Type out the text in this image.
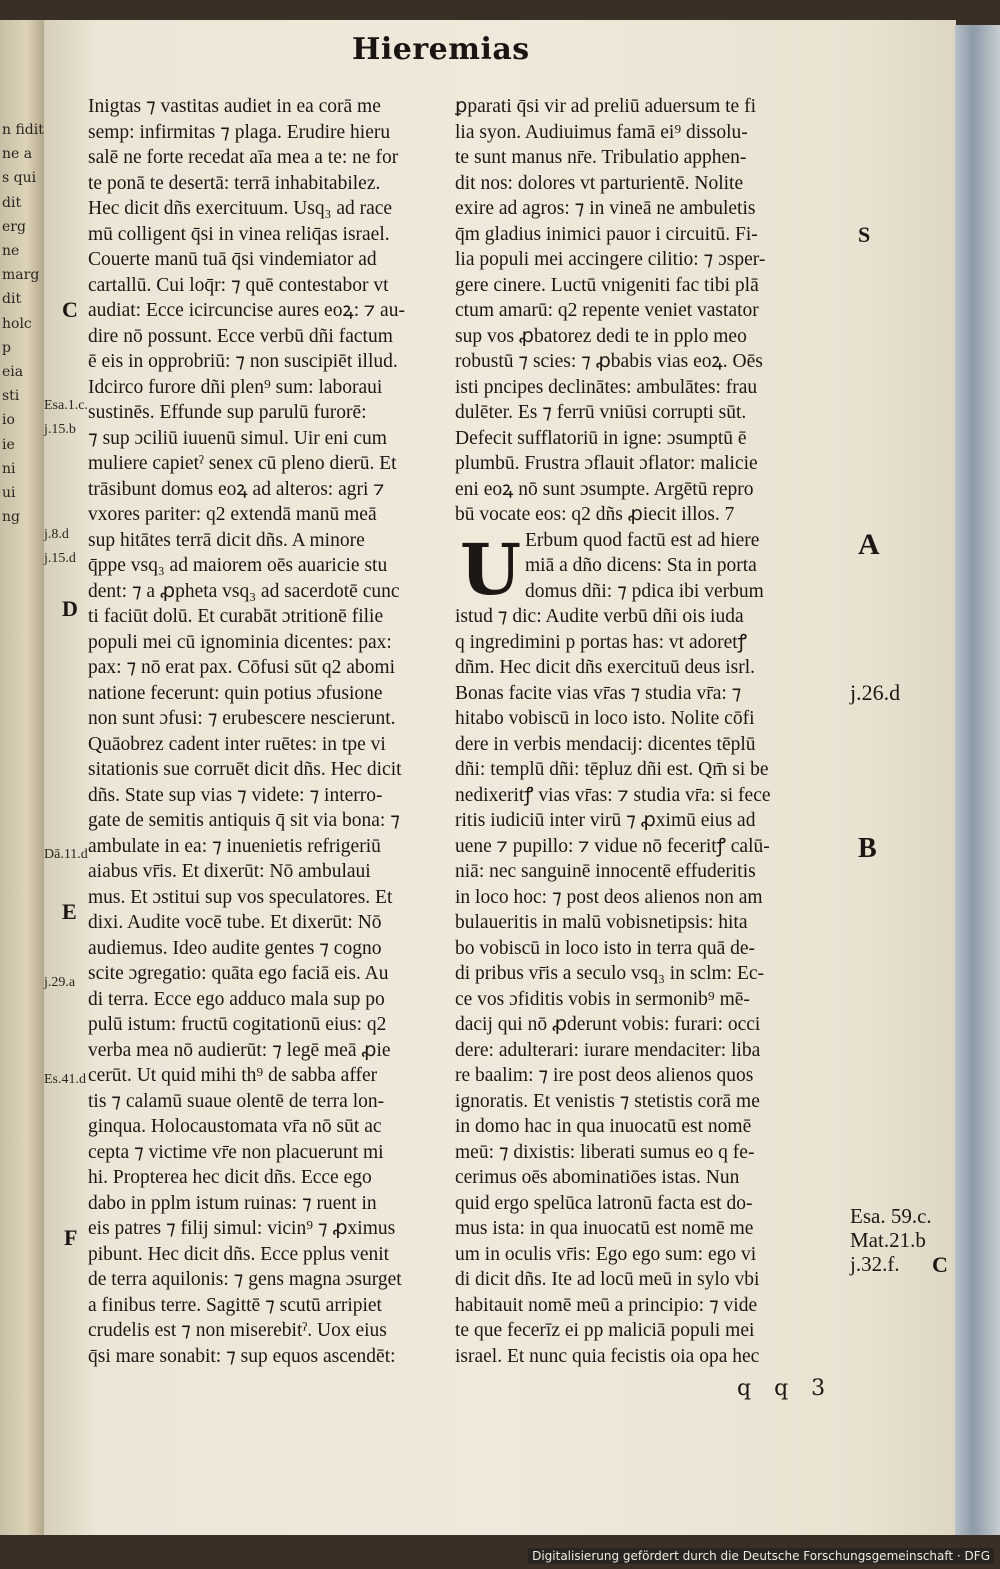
n fidit
ne a
s qui
dit
erg
ne
marg
dit
holc
p
eia
sti
io
ie
ni
ui
ng
Hieremias
Inigtas ⁊ vastitas audiet in ea corā me
semp: infirmitas ⁊ plaga. Erudire hieru
salē ne forte recedat aīa mea a te: ne for
te ponā te desertā: terrā inhabitabilez.
Hec dicit dñs exercituum. Usq₃ ad race
mū colligent q̄si in vinea reliq̄as israel.
Couerte manū tuā q̄si vindemiator ad
cartallū. Cui loq̄r: ⁊ quē contestabor vt
audiat: Ecce icircuncise aures eoꝝ: ⁊ au-
dire nō possunt. Ecce verbū dñi factum
ē eis in opprobriū: ⁊ non suscipiēt illud.
Idcirco furore dñi plen⁹ sum: laboraui
sustinēs. Effunde sup parulū furorē:
⁊ sup ɔciliū iuuenū simul. Uir eni cum
muliere capietˀ senex cū pleno dierū. Et
trāsibunt domus eoꝝ ad alteros: agri ⁊
vxores pariter: q2 extendā manū meā
sup hitātes terrā dicit dñs. A minore
q̄ppe vsq₃ ad maiorem oēs auaricie stu
dent: ⁊ a ꝓpheta vsq₃ ad sacerdotē cunc
ti faciūt dolū. Et curabāt ɔtritionē filie
populi mei cū ignominia dicentes: pax:
pax: ⁊ nō erat pax. Cōfusi sūt q2 abomi
natione fecerunt: quin potius ɔfusione
non sunt ɔfusi: ⁊ erubescere nescierunt.
Quāobrez cadent inter ruētes: in tpe vi
sitationis sue corruēt dicit dñs. Hec dicit
dñs. State sup vias ⁊ videte: ⁊ interro-
gate de semitis antiquis q̄ sit via bona: ⁊
ambulate in ea: ⁊ inuenietis refrigeriū
aiabus vr̄is. Et dixerūt: Nō ambulaui
mus. Et ɔstitui sup vos speculatores. Et
dixi. Audite vocē tube. Et dixerūt: Nō
audiemus. Ideo audite gentes ⁊ cogno
scite ɔgregatio: quāta ego faciā eis. Au
di terra. Ecce ego adduco mala sup po
pulū istum: fructū cogitationū eius: q2
verba mea nō audierūt: ⁊ legē meā ꝓie
cerūt. Ut quid mihi th⁹ de sabba affer
tis ⁊ calamū suaue olentē de terra lon-
ginqua. Holocaustomata vr̄a nō sūt ac
cepta ⁊ victime vr̄e non placuerunt mi
hi. Propterea hec dicit dñs. Ecce ego
dabo in pplm istum ruinas: ⁊ ruent in
eis patres ⁊ filij simul: vicin⁹ ⁊ ꝓximus
pibunt. Hec dicit dñs. Ecce pplus venit
de terra aquilonis: ⁊ gens magna ɔsurget
a finibus terre. Sagittē ⁊ scutū arripiet
crudelis est ⁊ non miserebitˀ. Uox eius
q̄si mare sonabit: ⁊ sup equos ascendēt:
ꝑparati q̄si vir ad preliū aduersum te fi
lia syon. Audiuimus famā ei⁹ dissolu-
te sunt manus nr̄e. Tribulatio apphen-
dit nos: dolores vt parturientē. Nolite
exire ad agros: ⁊ in vineā ne ambuletis
q̄m gladius inimici pauor i circuitū. Fi-
lia populi mei accingere cilitio: ⁊ ɔsper-
gere cinere. Luctū vnigeniti fac tibi plā
ctum amarū: q2 repente veniet vastator
sup vos ꝓbatorez dedi te in pplo meo
robustū ⁊ scies: ⁊ ꝓbabis vias eoꝝ. Oēs
isti pncipes declinātes: ambulātes: frau
dulēter. Es ⁊ ferrū vniūsi corrupti sūt.
Defecit sufflatoriū in igne: ɔsumptū ē
plumbū. Frustra ɔflauit ɔflator: malicie
eni eoꝝ nō sunt ɔsumpte. Argētū repro
bū vocate eos: q2 dñs ꝓiecit illos. 7
Erbum quod factū est ad hiere
miā a dño dicens: Sta in porta
domus dñi: ⁊ pdica ibi verbum
istud ⁊ dic: Audite verbū dñi ois iuda
q ingredimini p portas has: vt adoretꝭ
dñm. Hec dicit dñs exercituū deus isrl.
Bonas facite vias vr̄as ⁊ studia vr̄a: ⁊
hitabo vobiscū in loco isto. Nolite cōfi
dere in verbis mendacij: dicentes tēplū
dñi: templū dñi: tēpluz dñi est. Qm̄ si be
nedixeritꝭ vias vr̄as: ⁊ studia vr̄a: si fece
ritis iudiciū inter virū ⁊ ꝓximū eius ad
uene ⁊ pupillo: ⁊ vidue nō feceritꝭ calū-
niā: nec sanguinē innocentē effuderitis
in loco hoc: ⁊ post deos alienos non am
bulaueritis in malū vobisnetipsis: hita
bo vobiscū in loco isto in terra quā de-
di pribus vr̄is a seculo vsq₃ in sclm: Ec-
ce vos ɔfiditis vobis in sermonib⁹ mē-
dacij qui nō ꝓderunt vobis: furari: occi
dere: adulterari: iurare mendaciter: liba
re baalim: ⁊ ire post deos alienos quos
ignoratis. Et venistis ⁊ stetistis corā me
in domo hac in qua inuocatū est nomē
meū: ⁊ dixistis: liberati sumus eo q fe-
cerimus oēs abominatiōes istas. Nun
quid ergo spelūca latronū facta est do-
mus ista: in qua inuocatū est nomē me
um in oculis vr̄is: Ego ego sum: ego vi
di dicit dñs. Ite ad locū meū in sylo vbi
habitauit nomē meū a principio: ⁊ vide
te que fecerīz ei pp maliciā populi mei
israel. Et nunc quia fecistis oia opa hec
U
C
Esa.1.c.
j.15.b
j.8.d
j.15.d
D
Dā.11.d
E
j.29.a
Es.41.d
F
S
A
j.26.d
B
Esa. 59.c.
Mat.21.b
j.32.f. C
q q 3
Digitalisierung gefördert durch die Deutsche Forschungsgemeinschaft · DFG
